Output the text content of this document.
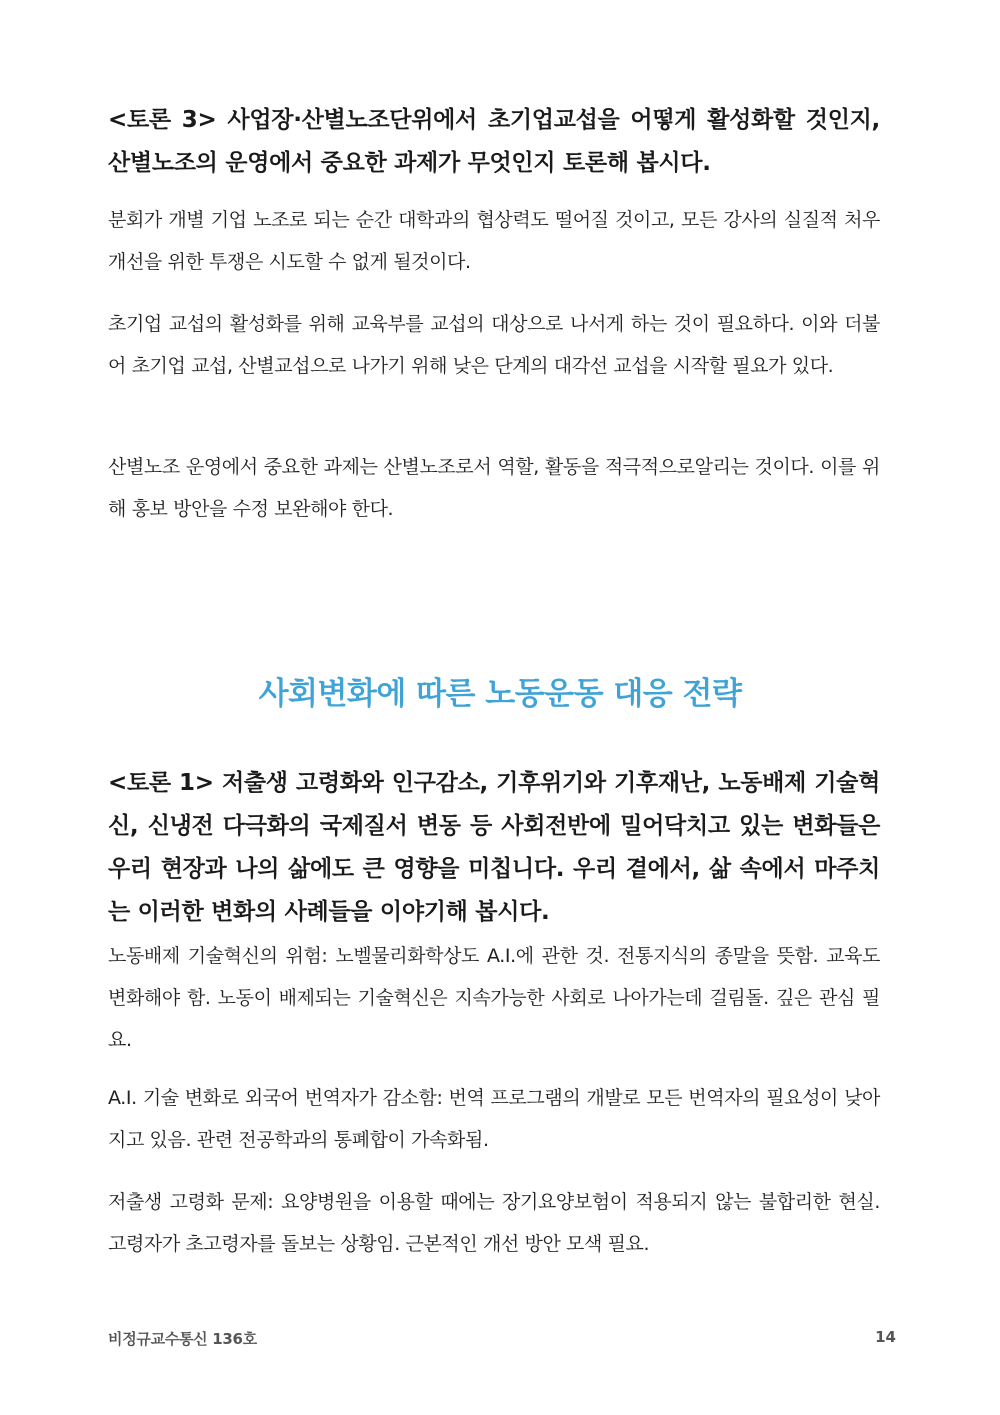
<토론 3> 사업장·산별노조단위에서 초기업교섭을 어떻게 활성화할 것인지, 산별노조의 운영에서 중요한 과제가 무엇인지 토론해 봅시다.

분회가 개별 기업 노조로 되는 순간 대학과의 협상력도 떨어질 것이고, 모든 강사의 실질적 처우개선을 위한 투쟁은 시도할 수 없게 될것이다.

초기업 교섭의 활성화를 위해 교육부를 교섭의 대상으로 나서게 하는 것이 필요하다. 이와 더불어 초기업 교섭, 산별교섭으로 나가기 위해 낮은 단계의 대각선 교섭을 시작할 필요가 있다.

산별노조 운영에서 중요한 과제는 산별노조로서 역할, 활동을 적극적으로알리는 것이다. 이를 위해 홍보 방안을 수정 보완해야 한다.

<토론 1> 저출생 고령화와 인구감소, 기후위기와 기후재난, 노동배제 기술혁신, 신냉전 다극화의 국제질서 변동 등 사회전반에 밀어닥치고 있는 변화들은 우리 현장과 나의 삶에도 큰 영향을 미칩니다. 우리 곁에서, 삶 속에서 마주치는 이러한 변화의 사례들을 이야기해 봅시다.

노동배제 기술혁신의 위험: 노벨물리화학상도 A.I.에 관한 것. 전통지식의 종말을 뜻함. 교육도 변화해야 함. 노동이 배제되는 기술혁신은 지속가능한 사회로 나아가는데 걸림돌. 깊은 관심 필요.

A.I. 기술 변화로 외국어 번역자가 감소함: 번역 프로그램의 개발로 모든 번역자의 필요성이 낮아지고 있음. 관련 전공학과의 통폐합이 가속화됨.

저출생 고령화 문제: 요양병원을 이용할 때에는 장기요양보험이 적용되지 않는 불합리한 현실. 고령자가 초고령자를 돌보는 상황임. 근본적인 개선 방안 모색 필요.

사회변화에 따른 노동운동 대응 전략
비정규교수통신 136호	14
